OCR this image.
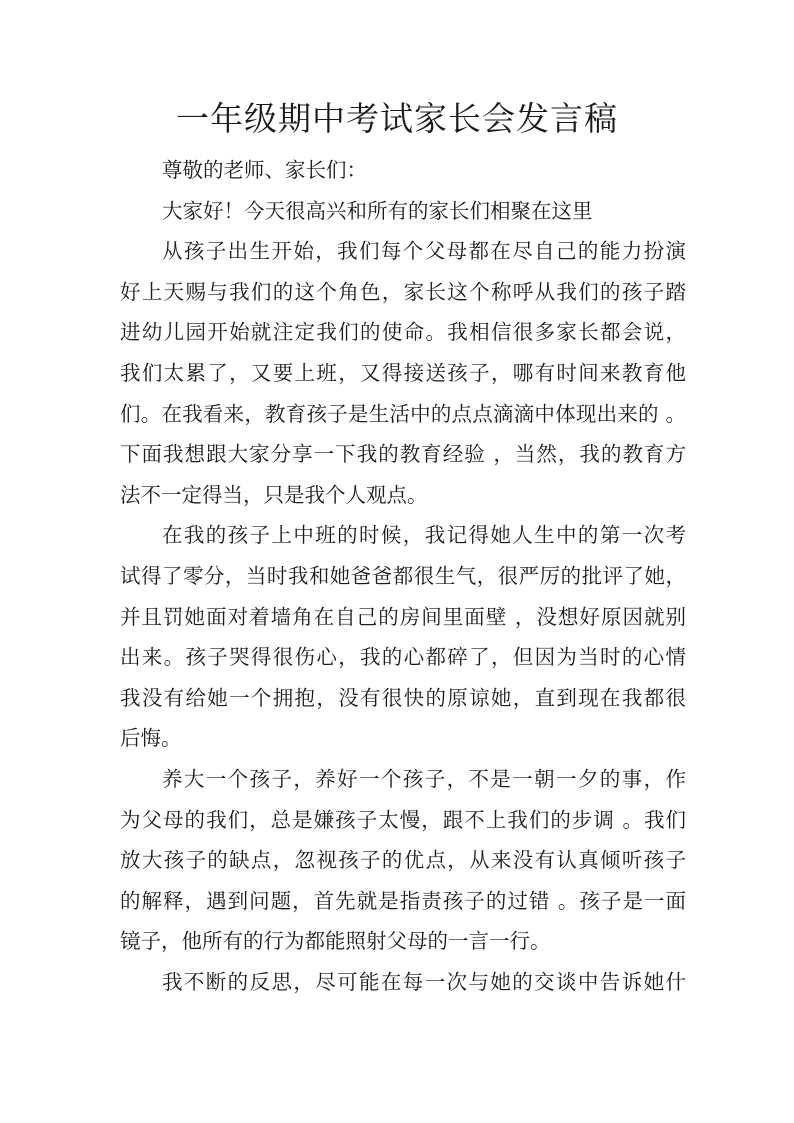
一年级期中考试家长会发言稿
尊敬的老师、家长们：
大家好！今天很高兴和所有的家长们相聚在这里
从孩子出生开始，我们每个父母都在尽自己的能力扮演
好上天赐与我们的这个角色，家长这个称呼从我们的孩子踏
进幼儿园开始就注定我们的使命。我相信很多家长都会说，
我们太累了，又要上班，又得接送孩子，哪有时间来教育他
们。在我看来，教育孩子是生活中的点点滴滴中体现出来的 。
下面我想跟大家分享一下我的教育经验 ，当然，我的教育方
法不一定得当，只是我个人观点。
在我的孩子上中班的时候，我记得她人生中的第一次考
试得了零分，当时我和她爸爸都很生气，很严厉的批评了她，
并且罚她面对着墙角在自己的房间里面壁 ，没想好原因就别
出来。孩子哭得很伤心，我的心都碎了，但因为当时的心情
我没有给她一个拥抱，没有很快的原谅她，直到现在我都很
后悔。
养大一个孩子，养好一个孩子，不是一朝一夕的事，作
为父母的我们，总是嫌孩子太慢，跟不上我们的步调 。我们
放大孩子的缺点，忽视孩子的优点，从来没有认真倾听孩子
的解释，遇到问题，首先就是指责孩子的过错 。孩子是一面
镜子，他所有的行为都能照射父母的一言一行。
我不断的反思，尽可能在每一次与她的交谈中告诉她什
